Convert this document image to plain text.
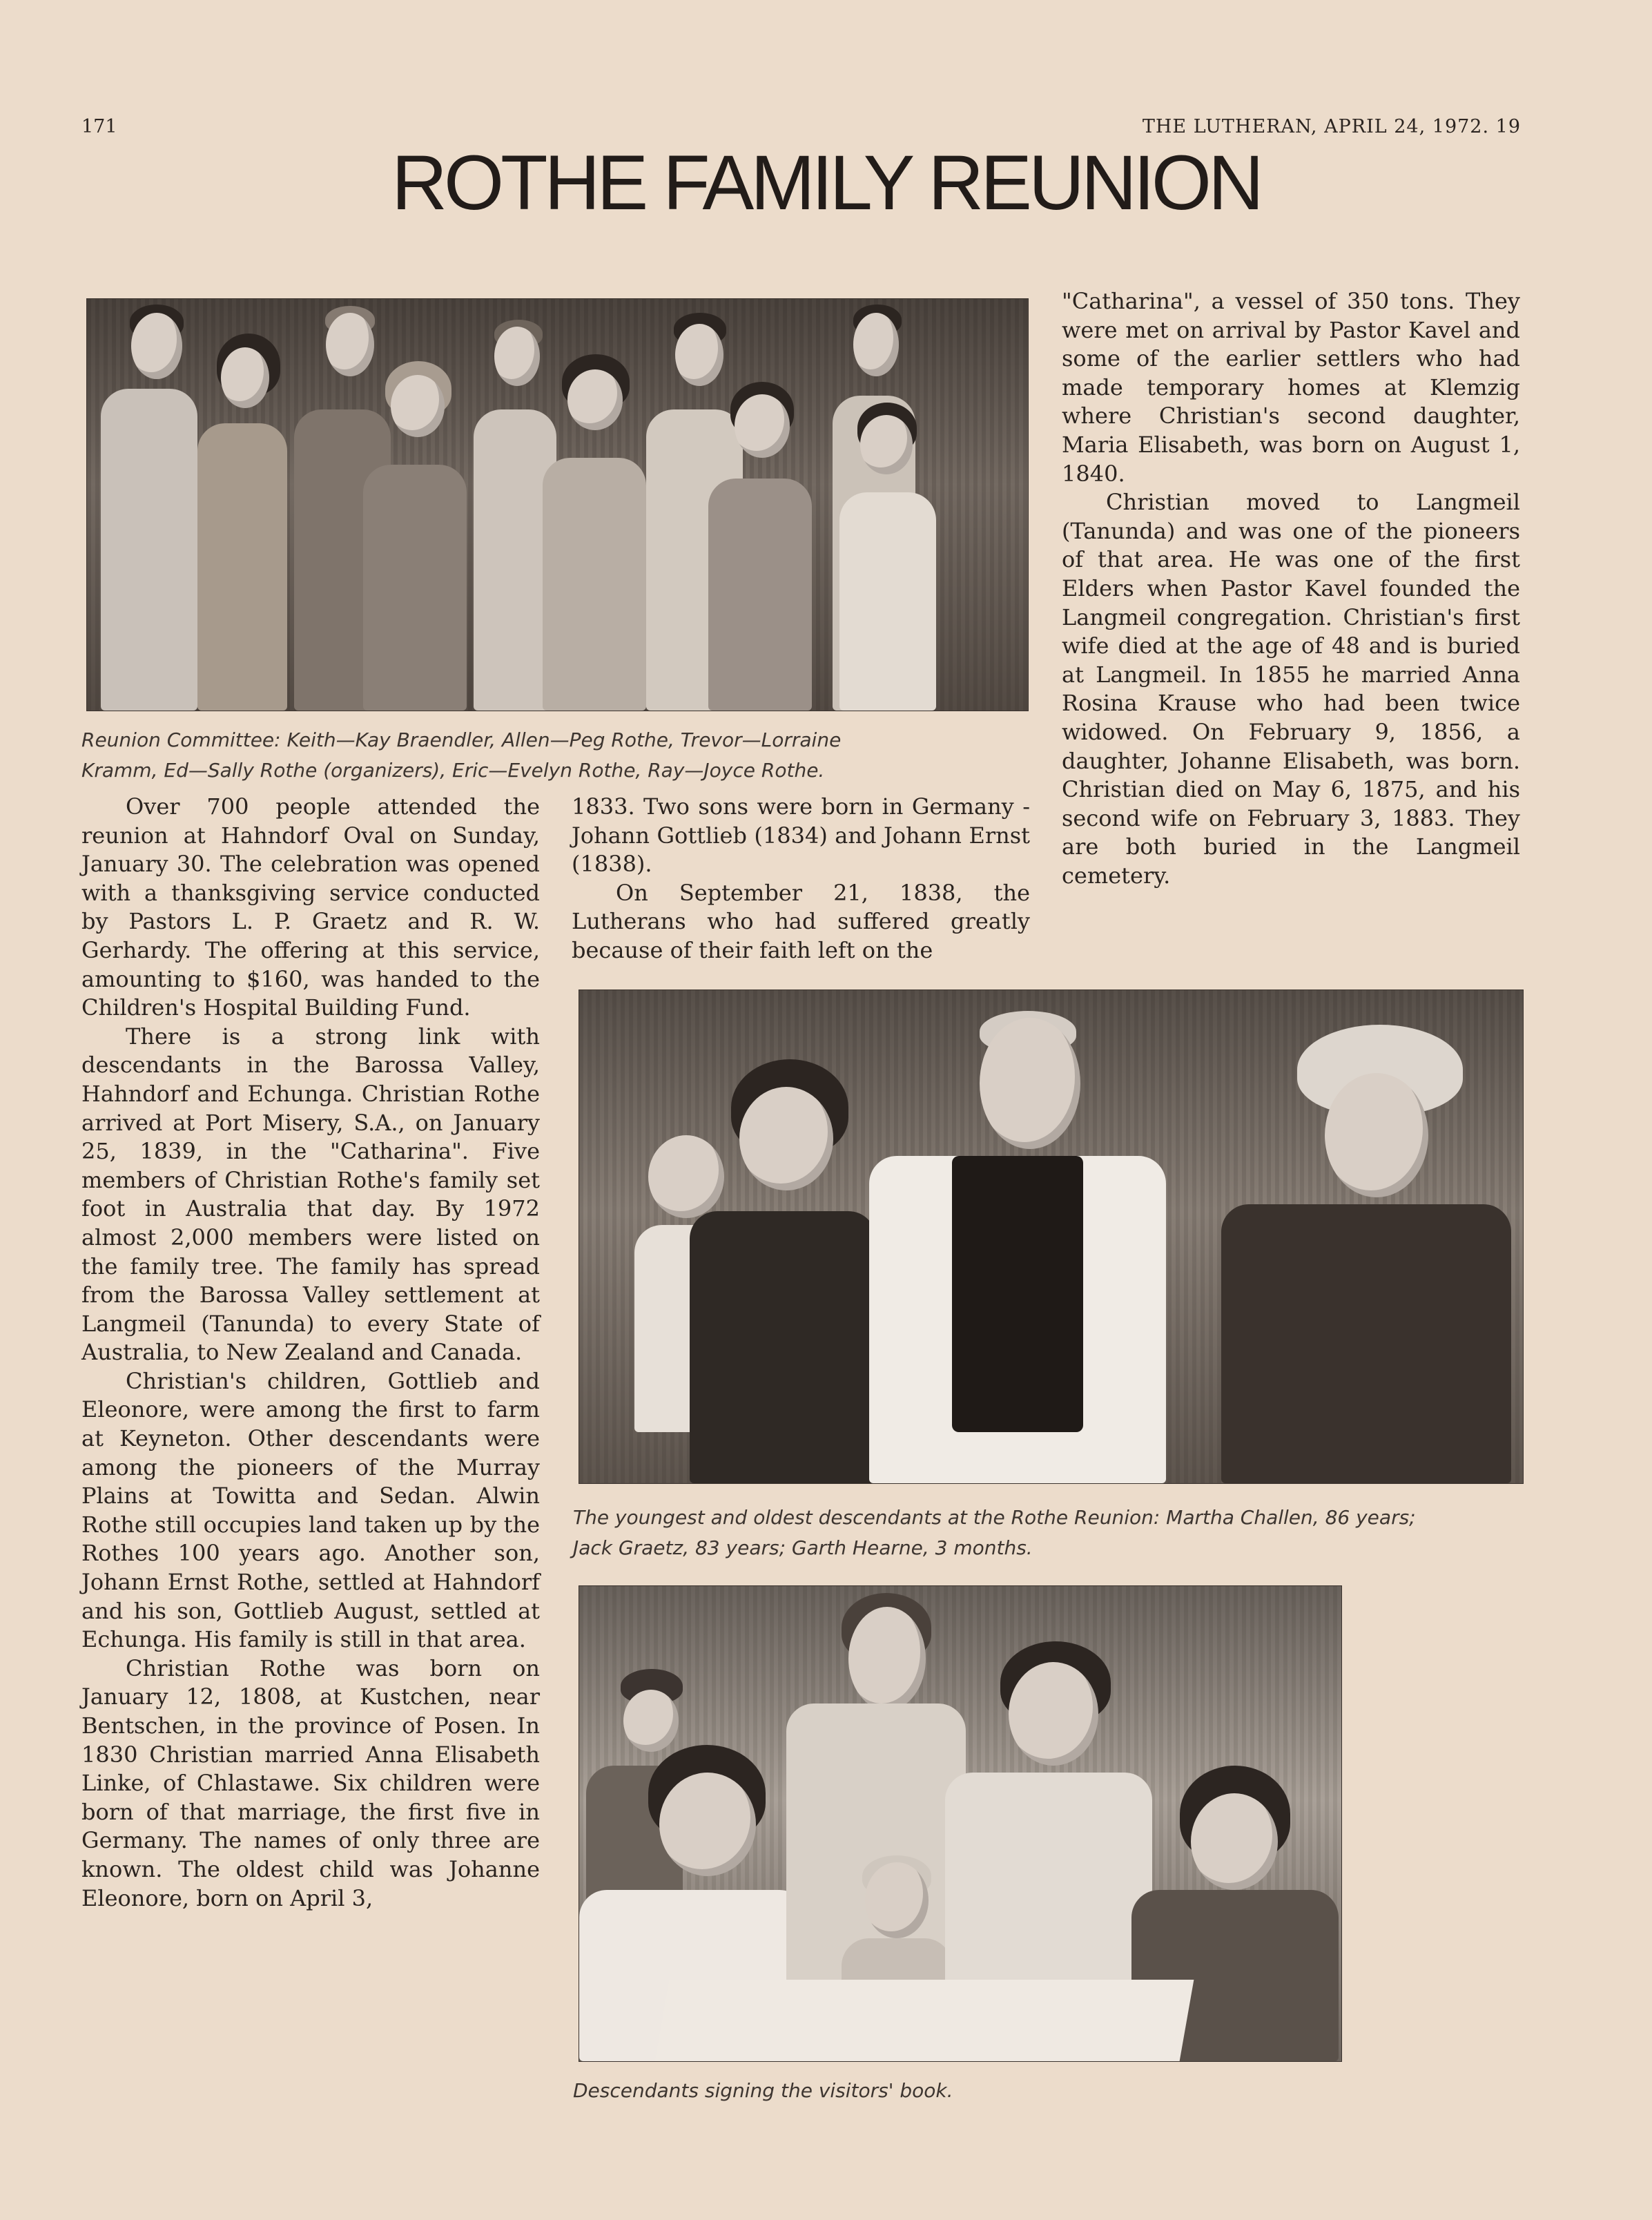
171	THE LUTHERAN, APRIL 24, 1972. 19
ROTHE FAMILY REUNION
Reunion Committee: Keith—Kay Braendler, Allen—Peg Rothe, Trevor—Lorraine
Kramm, Ed—Sally Rothe (organizers), Eric—Evelyn Rothe, Ray—Joyce Rothe.

Over 700 people attended the reunion at Hahndorf Oval on Sunday, January 30. The celebration was opened with a thanksgiving service conducted by Pastors L. P. Graetz and R. W. Gerhardy. The offering at this service, amounting to $160, was handed to the Children's Hospital Building Fund.

There is a strong link with descendants in the Barossa Valley, Hahndorf and Echunga. Christian Rothe arrived at Port Misery, S.A., on January 25, 1839, in the "Catharina". Five members of Christian Rothe's family set foot in Australia that day. By 1972 almost 2,000 members were listed on the family tree. The family has spread from the Barossa Valley settlement at Langmeil (Tanunda) to every State of Australia, to New Zealand and Canada.

Christian's children, Gottlieb and Eleonore, were among the first to farm at Keyneton. Other descendants were among the pioneers of the Murray Plains at Towitta and Sedan. Alwin Rothe still occupies land taken up by the Rothes 100 years ago. Another son, Johann Ernst Rothe, settled at Hahndorf and his son, Gottlieb August, settled at Echunga. His family is still in that area.

Christian Rothe was born on January 12, 1808, at Kustchen, near Bentschen, in the province of Posen. In 1830 Christian married Anna Elisabeth Linke, of Chlastawe. Six children were born of that marriage, the first five in Germany. The names of only three are known. The oldest child was Johanne Eleonore, born on April 3,

1833. Two sons were born in Germany - Johann Gottlieb (1834) and Johann Ernst (1838).

On September 21, 1838, the Lutherans who had suffered greatly because of their faith left on the

"Catharina", a vessel of 350 tons. They were met on arrival by Pastor Kavel and some of the earlier settlers who had made temporary homes at Klemzig where Christian's second daughter, Maria Elisabeth, was born on August 1, 1840.

Christian moved to Langmeil (Tanunda) and was one of the pioneers of that area. He was one of the first Elders when Pastor Kavel founded the Langmeil congregation. Christian's first wife died at the age of 48 and is buried at Langmeil. In 1855 he married Anna Rosina Krause who had been twice widowed. On February 9, 1856, a daughter, Johanne Elisabeth, was born. Christian died on May 6, 1875, and his second wife on February 3, 1883. They are both buried in the Langmeil cemetery.

The youngest and oldest descendants at the Rothe Reunion: Martha Challen, 86 years;
Jack Graetz, 83 years; Garth Hearne, 3 months.
Descendants signing the visitors' book.
